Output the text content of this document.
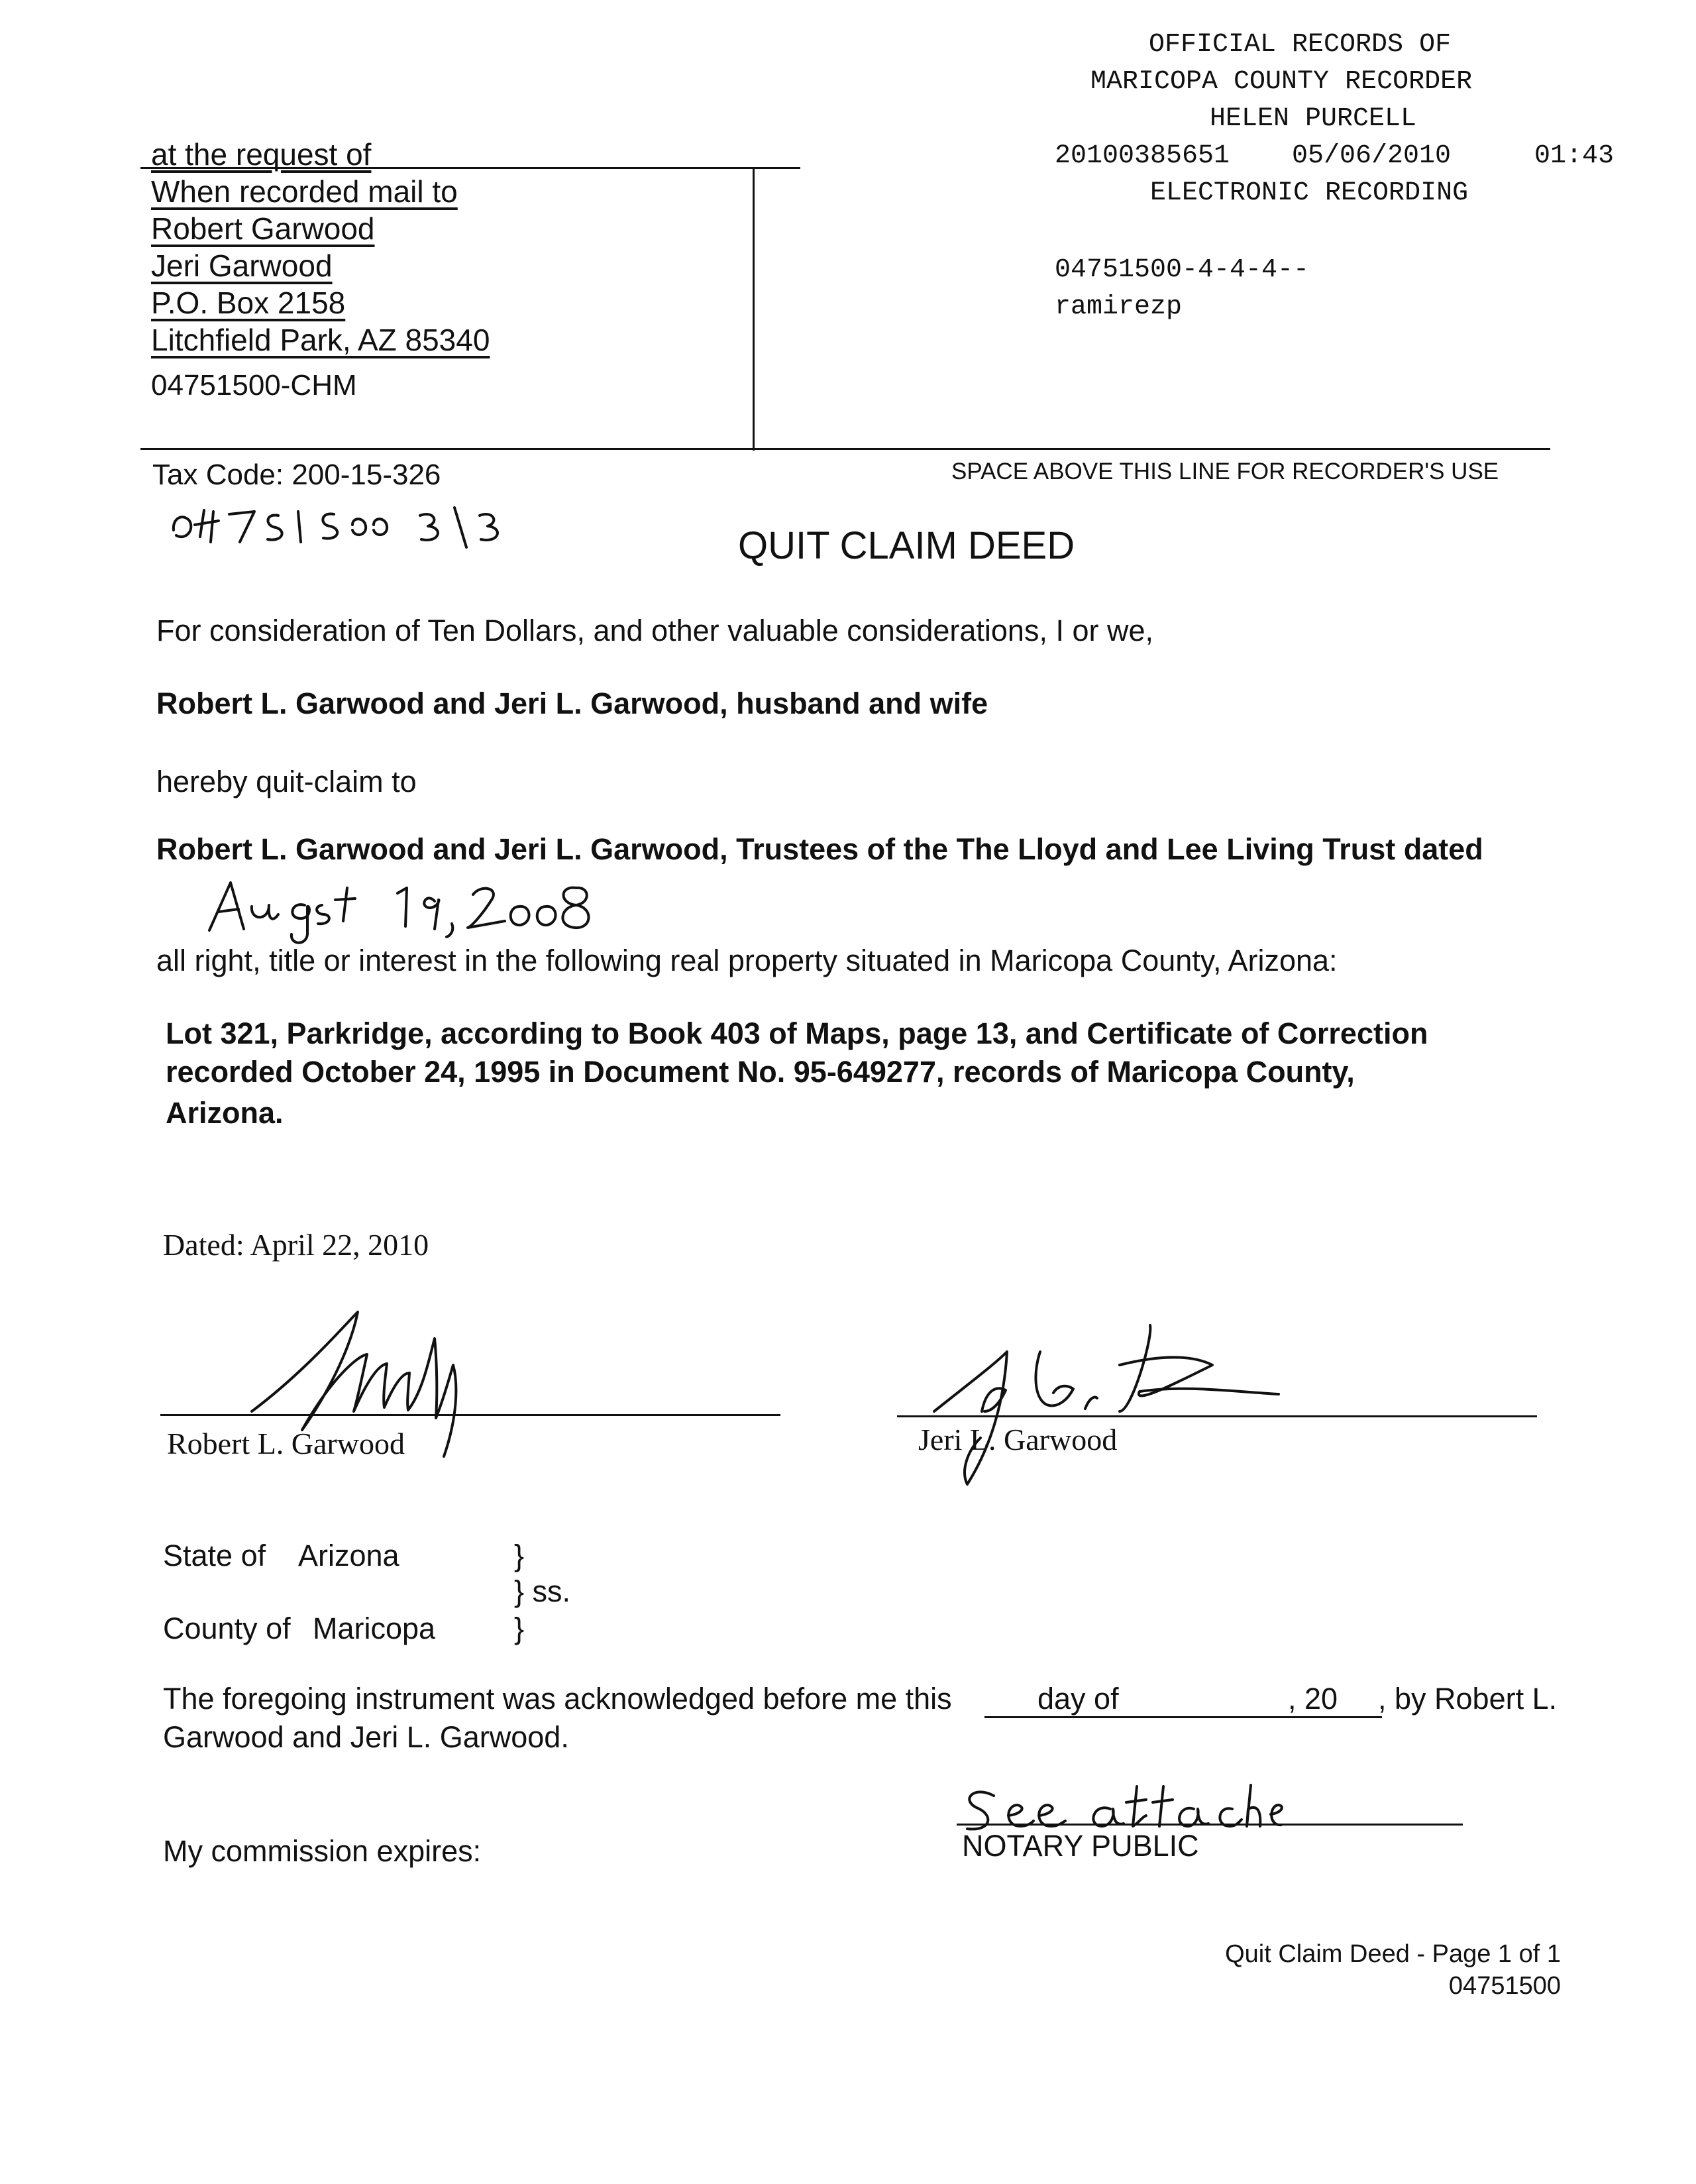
OFFICIAL RECORDS OF
MARICOPA COUNTY RECORDER
HELEN PURCELL
20100385651 05/06/2010	01:43
ELECTRONIC RECORDING
04751500-4-4-4--
ramirezp
at the request of
When recorded mail to
Robert Garwood
Jeri Garwood
P.O. Box 2158
Litchfield Park, AZ 85340
04751500-CHM
Tax Code: 200-15-326	SPACE ABOVE THIS LINE FOR RECORDER'S USE
QUIT CLAIM DEED
For consideration of Ten Dollars, and other valuable considerations, I or we,
Robert L. Garwood and Jeri L. Garwood, husband and wife
hereby quit-claim to
Robert L. Garwood and Jeri L. Garwood, Trustees of the The Lloyd and Lee Living Trust dated
all right, title or interest in the following real property situated in Maricopa County, Arizona:
Lot 321, Parkridge, according to Book 403 of Maps, page 13, and Certificate of Correction
recorded October 24, 1995 in Document No. 95-649277, records of Maricopa County,
Arizona.
Dated: April 22, 2010
Robert L. Garwood	Jeri L. Garwood
State of Arizona	}
} ss.
County of Maricopa	}
The foregoing instrument was acknowledged before me this	day of	, 20 , by Robert L.
Garwood and Jeri L. Garwood.
NOTARY PUBLIC
My commission expires:
Quit Claim Deed - Page 1 of 1
04751500
